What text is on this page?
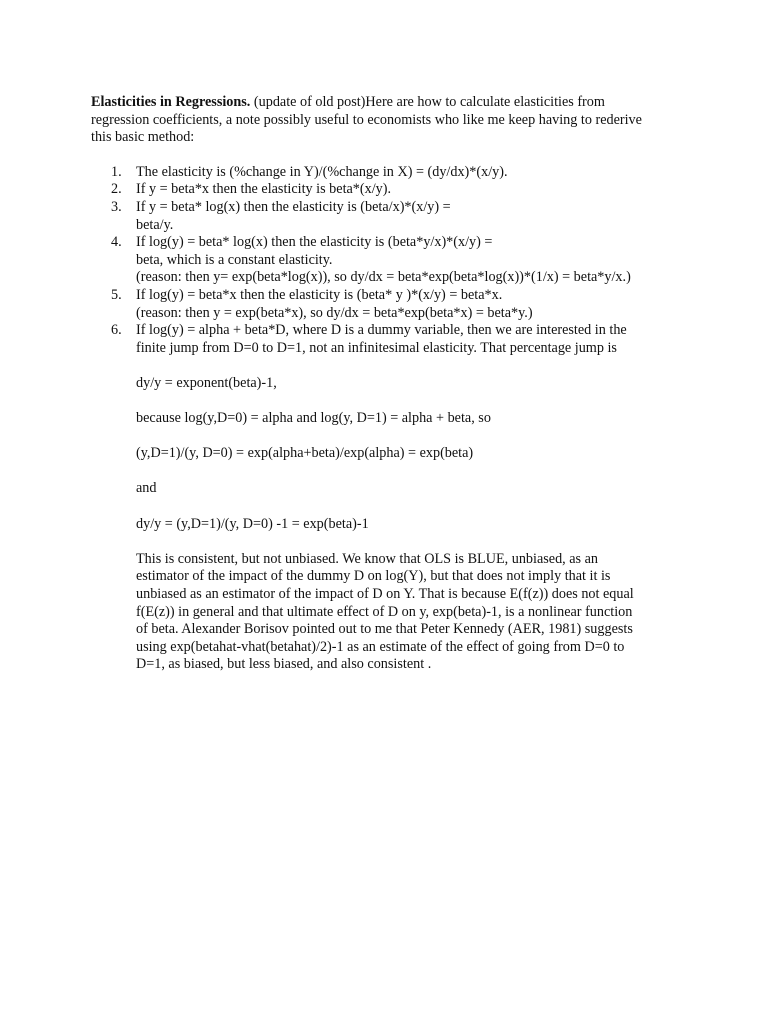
Elasticities in Regressions. (update of old post)Here are how to calculate elasticities from
regression coefficients, a note possibly useful to economists who like me keep having to rederive
this basic method:

1. The elasticity is (%change in Y)/(%change in X) = (dy/dx)*(x/y).
2. If y = beta*x then the elasticity is beta*(x/y).
3. If y = beta* log(x) then the elasticity is (beta/x)*(x/y) =
beta/y.
4. If log(y) = beta* log(x) then the elasticity is (beta*y/x)*(x/y) =
beta, which is a constant elasticity.
(reason: then y= exp(beta*log(x)), so dy/dx = beta*exp(beta*log(x))*(1/x) = beta*y/x.)
5. If log(y) = beta*x then the elasticity is (beta* y )*(x/y) = beta*x.
(reason: then y = exp(beta*x), so dy/dx = beta*exp(beta*x) = beta*y.)
6. If log(y) = alpha + beta*D, where D is a dummy variable, then we are interested in the
finite jump from D=0 to D=1, not an infinitesimal elasticity. That percentage jump is
dy/y = exponent(beta)-1,
because log(y,D=0) = alpha and log(y, D=1) = alpha + beta, so
(y,D=1)/(y, D=0) = exp(alpha+beta)/exp(alpha) = exp(beta)
and
dy/y = (y,D=1)/(y, D=0) -1 = exp(beta)-1
This is consistent, but not unbiased. We know that OLS is BLUE, unbiased, as an
estimator of the impact of the dummy D on log(Y), but that does not imply that it is
unbiased as an estimator of the impact of D on Y. That is because E(f(z)) does not equal
f(E(z)) in general and that ultimate effect of D on y, exp(beta)-1, is a nonlinear function
of beta. Alexander Borisov pointed out to me that Peter Kennedy (AER, 1981) suggests
using exp(betahat-vhat(betahat)/2)-1 as an estimate of the effect of going from D=0 to
D=1, as biased, but less biased, and also consistent .
